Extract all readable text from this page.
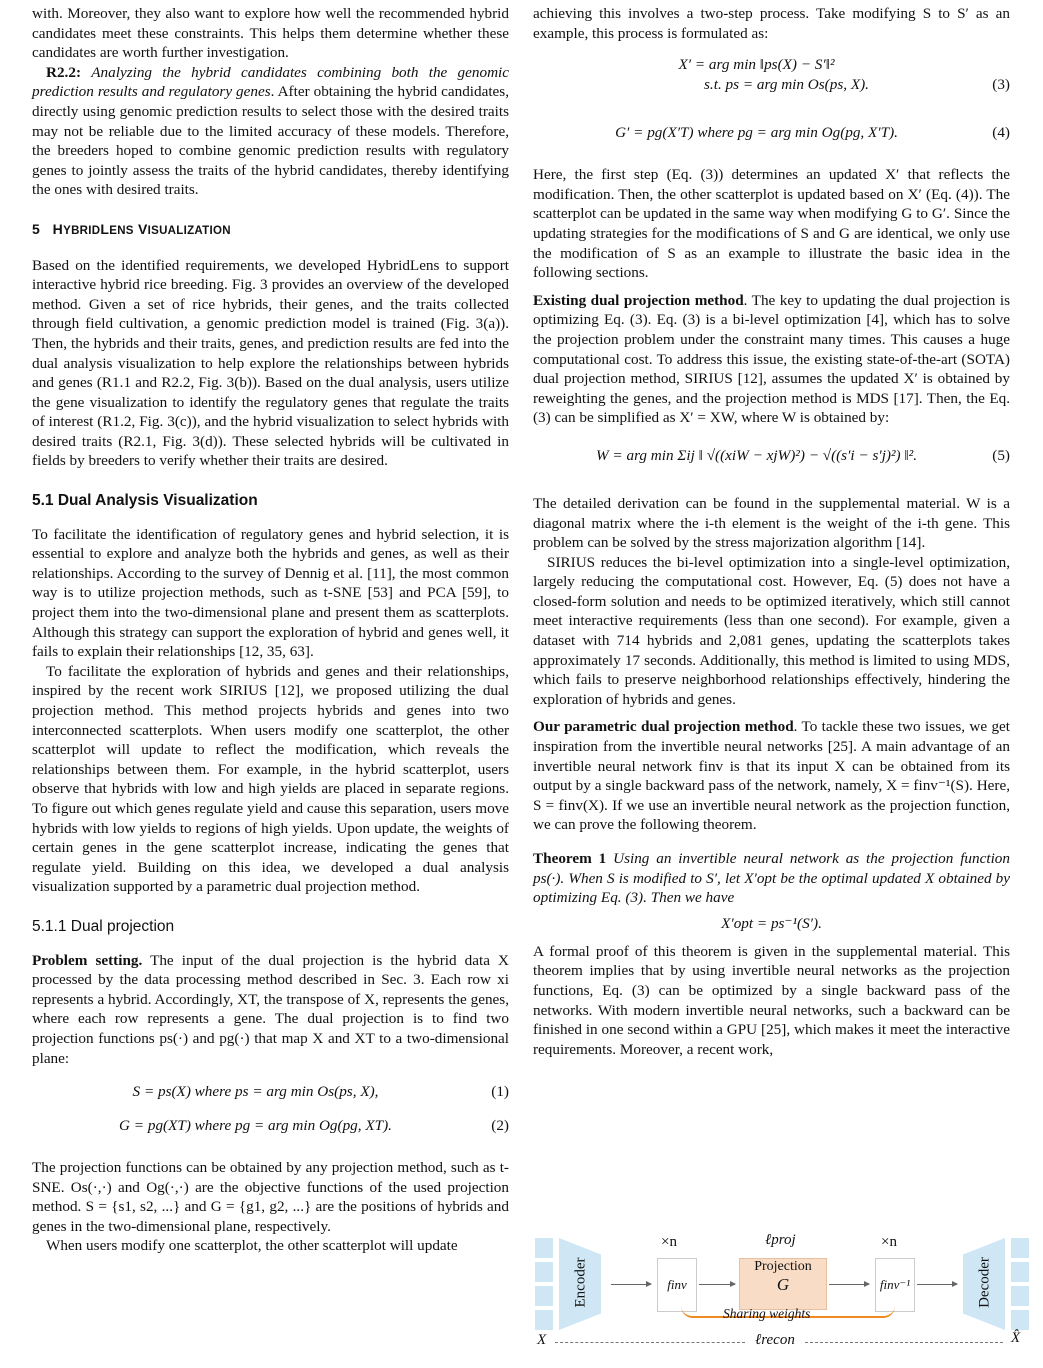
with. Moreover, they also want to explore how well the recommended hybrid candidates meet these constraints. This helps them determine whether these candidates are worth further investigation.

R2.2: Analyzing the hybrid candidates combining both the genomic prediction results and regulatory genes. After obtaining the hybrid candidates, directly using genomic prediction results to select those with the desired traits may not be reliable due to the limited accuracy of these models. Therefore, the breeders hoped to combine genomic prediction results with regulatory genes to jointly assess the traits of the hybrid candidates, thereby identifying the ones with desired traits.

5 HYBRIDLENS VISUALIZATION

Based on the identified requirements, we developed HybridLens to support interactive hybrid rice breeding. Fig. 3 provides an overview of the developed method. Given a set of rice hybrids, their genes, and the traits collected through field cultivation, a genomic prediction model is trained (Fig. 3(a)). Then, the hybrids and their traits, genes, and prediction results are fed into the dual analysis visualization to help explore the relationships between hybrids and genes (R1.1 and R2.2, Fig. 3(b)). Based on the dual analysis, users utilize the gene visualization to identify the regulatory genes that regulate the traits of interest (R1.2, Fig. 3(c)), and the hybrid visualization to select hybrids with desired traits (R2.1, Fig. 3(d)). These selected hybrids will be cultivated in fields by breeders to verify whether their traits are desired.

5.1 Dual Analysis Visualization

To facilitate the identification of regulatory genes and hybrid selection, it is essential to explore and analyze both the hybrids and genes, as well as their relationships. According to the survey of Dennig et al. [11], the most common way is to utilize projection methods, such as t-SNE [53] and PCA [59], to project them into the two-dimensional plane and present them as scatterplots. Although this strategy can support the exploration of hybrid and genes well, it fails to explain their relationships [12, 35, 63].

To facilitate the exploration of hybrids and genes and their relationships, inspired by the recent work SIRIUS [12], we proposed utilizing the dual projection method. This method projects hybrids and genes into two interconnected scatterplots. When users modify one scatterplot, the other scatterplot will update to reflect the modification, which reveals the relationships between them. For example, in the hybrid scatterplot, users observe that hybrids with low and high yields are placed in separate regions. To figure out which genes regulate yield and cause this separation, users move hybrids with low yields to regions of high yields. Upon update, the weights of certain genes in the gene scatterplot increase, indicating the genes that regulate yield. Building on this idea, we developed a dual analysis visualization supported by a parametric dual projection method.

5.1.1 Dual projection

Problem setting. The input of the dual projection is the hybrid data X processed by the data processing method described in Sec. 3. Each row xi represents a hybrid. Accordingly, XT, the transpose of X, represents the genes, where each row represents a gene. The dual projection is to find two projection functions ps(·) and pg(·) that map X and XT to a two-dimensional plane:

S = ps(X) where ps = arg min Os(ps, X),	(1)
G = pg(XT) where pg = arg min Og(pg, XT).	(2)

The projection functions can be obtained by any projection method, such as t-SNE. Os(·,·) and Og(·,·) are the objective functions of the used projection method. S = {s1, s2, ...} and G = {g1, g2, ...} are the positions of hybrids and genes in the two-dimensional plane, respectively.

When users modify one scatterplot, the other scatterplot will update

achieving this involves a two-step process. Take modifying S to S′ as an example, this process is formulated as:

X′ = arg min ‖ps(X) − S′‖²
s.t. ps = arg min Os(ps, X).	(3)
G′ = pg(X′T) where pg = arg min Og(pg, X′T).	(4)

Here, the first step (Eq. (3)) determines an updated X′ that reflects the modification. Then, the other scatterplot is updated based on X′ (Eq. (4)). The scatterplot can be updated in the same way when modifying G to G′. Since the updating strategies for the modifications of S and G are identical, we only use the modification of S as an example to illustrate the basic idea in the following sections.

Existing dual projection method. The key to updating the dual projection is optimizing Eq. (3). Eq. (3) is a bi-level optimization [4], which has to solve the projection problem under the constraint many times. This causes a huge computational cost. To address this issue, the existing state-of-the-art (SOTA) dual projection method, SIRIUS [12], assumes the updated X′ is obtained by reweighting the genes, and the projection method is MDS [17]. Then, the Eq. (3) can be simplified as X′ = XW, where W is obtained by:

W = arg min Σij ‖ √((xiW − xjW)²) − √((s′i − s′j)²) ‖².	(5)

The detailed derivation can be found in the supplemental material. W is a diagonal matrix where the i-th element is the weight of the i-th gene. This problem can be solved by the stress majorization algorithm [14].

SIRIUS reduces the bi-level optimization into a single-level optimization, largely reducing the computational cost. However, Eq. (5) does not have a closed-form solution and needs to be optimized iteratively, which still cannot meet interactive requirements (less than one second). For example, given a dataset with 714 hybrids and 2,081 genes, updating the scatterplots takes approximately 17 seconds. Additionally, this method is limited to using MDS, which fails to preserve neighborhood relationships effectively, hindering the exploration of hybrids and genes.

Our parametric dual projection method. To tackle these two issues, we get inspiration from the invertible neural networks [25]. A main advantage of an invertible neural network finv is that its input X can be obtained from its output by a single backward pass of the network, namely, X = finv⁻¹(S). Here, S = finv(X). If we use an invertible neural network as the projection function, we can prove the following theorem.

Theorem 1 Using an invertible neural network as the projection function ps(·). When S is modified to S′, let X′opt be the optimal updated X obtained by optimizing Eq. (3). Then we have

X′opt = ps⁻¹(S′).

A formal proof of this theorem is given in the supplemental material. This theorem implies that by using invertible neural networks as the projection functions, Eq. (3) can be optimized by a single backward pass of the networks. With modern invertible neural networks, such a backward can be finished in one second within a GPU [25], which makes it meet the interactive requirements. Moreover, a recent work,

Encoder
×n
finv
ℓproj
Projection
G
×n
finv⁻¹
Sharing weights
Decoder
X	ℓrecon	X̂
